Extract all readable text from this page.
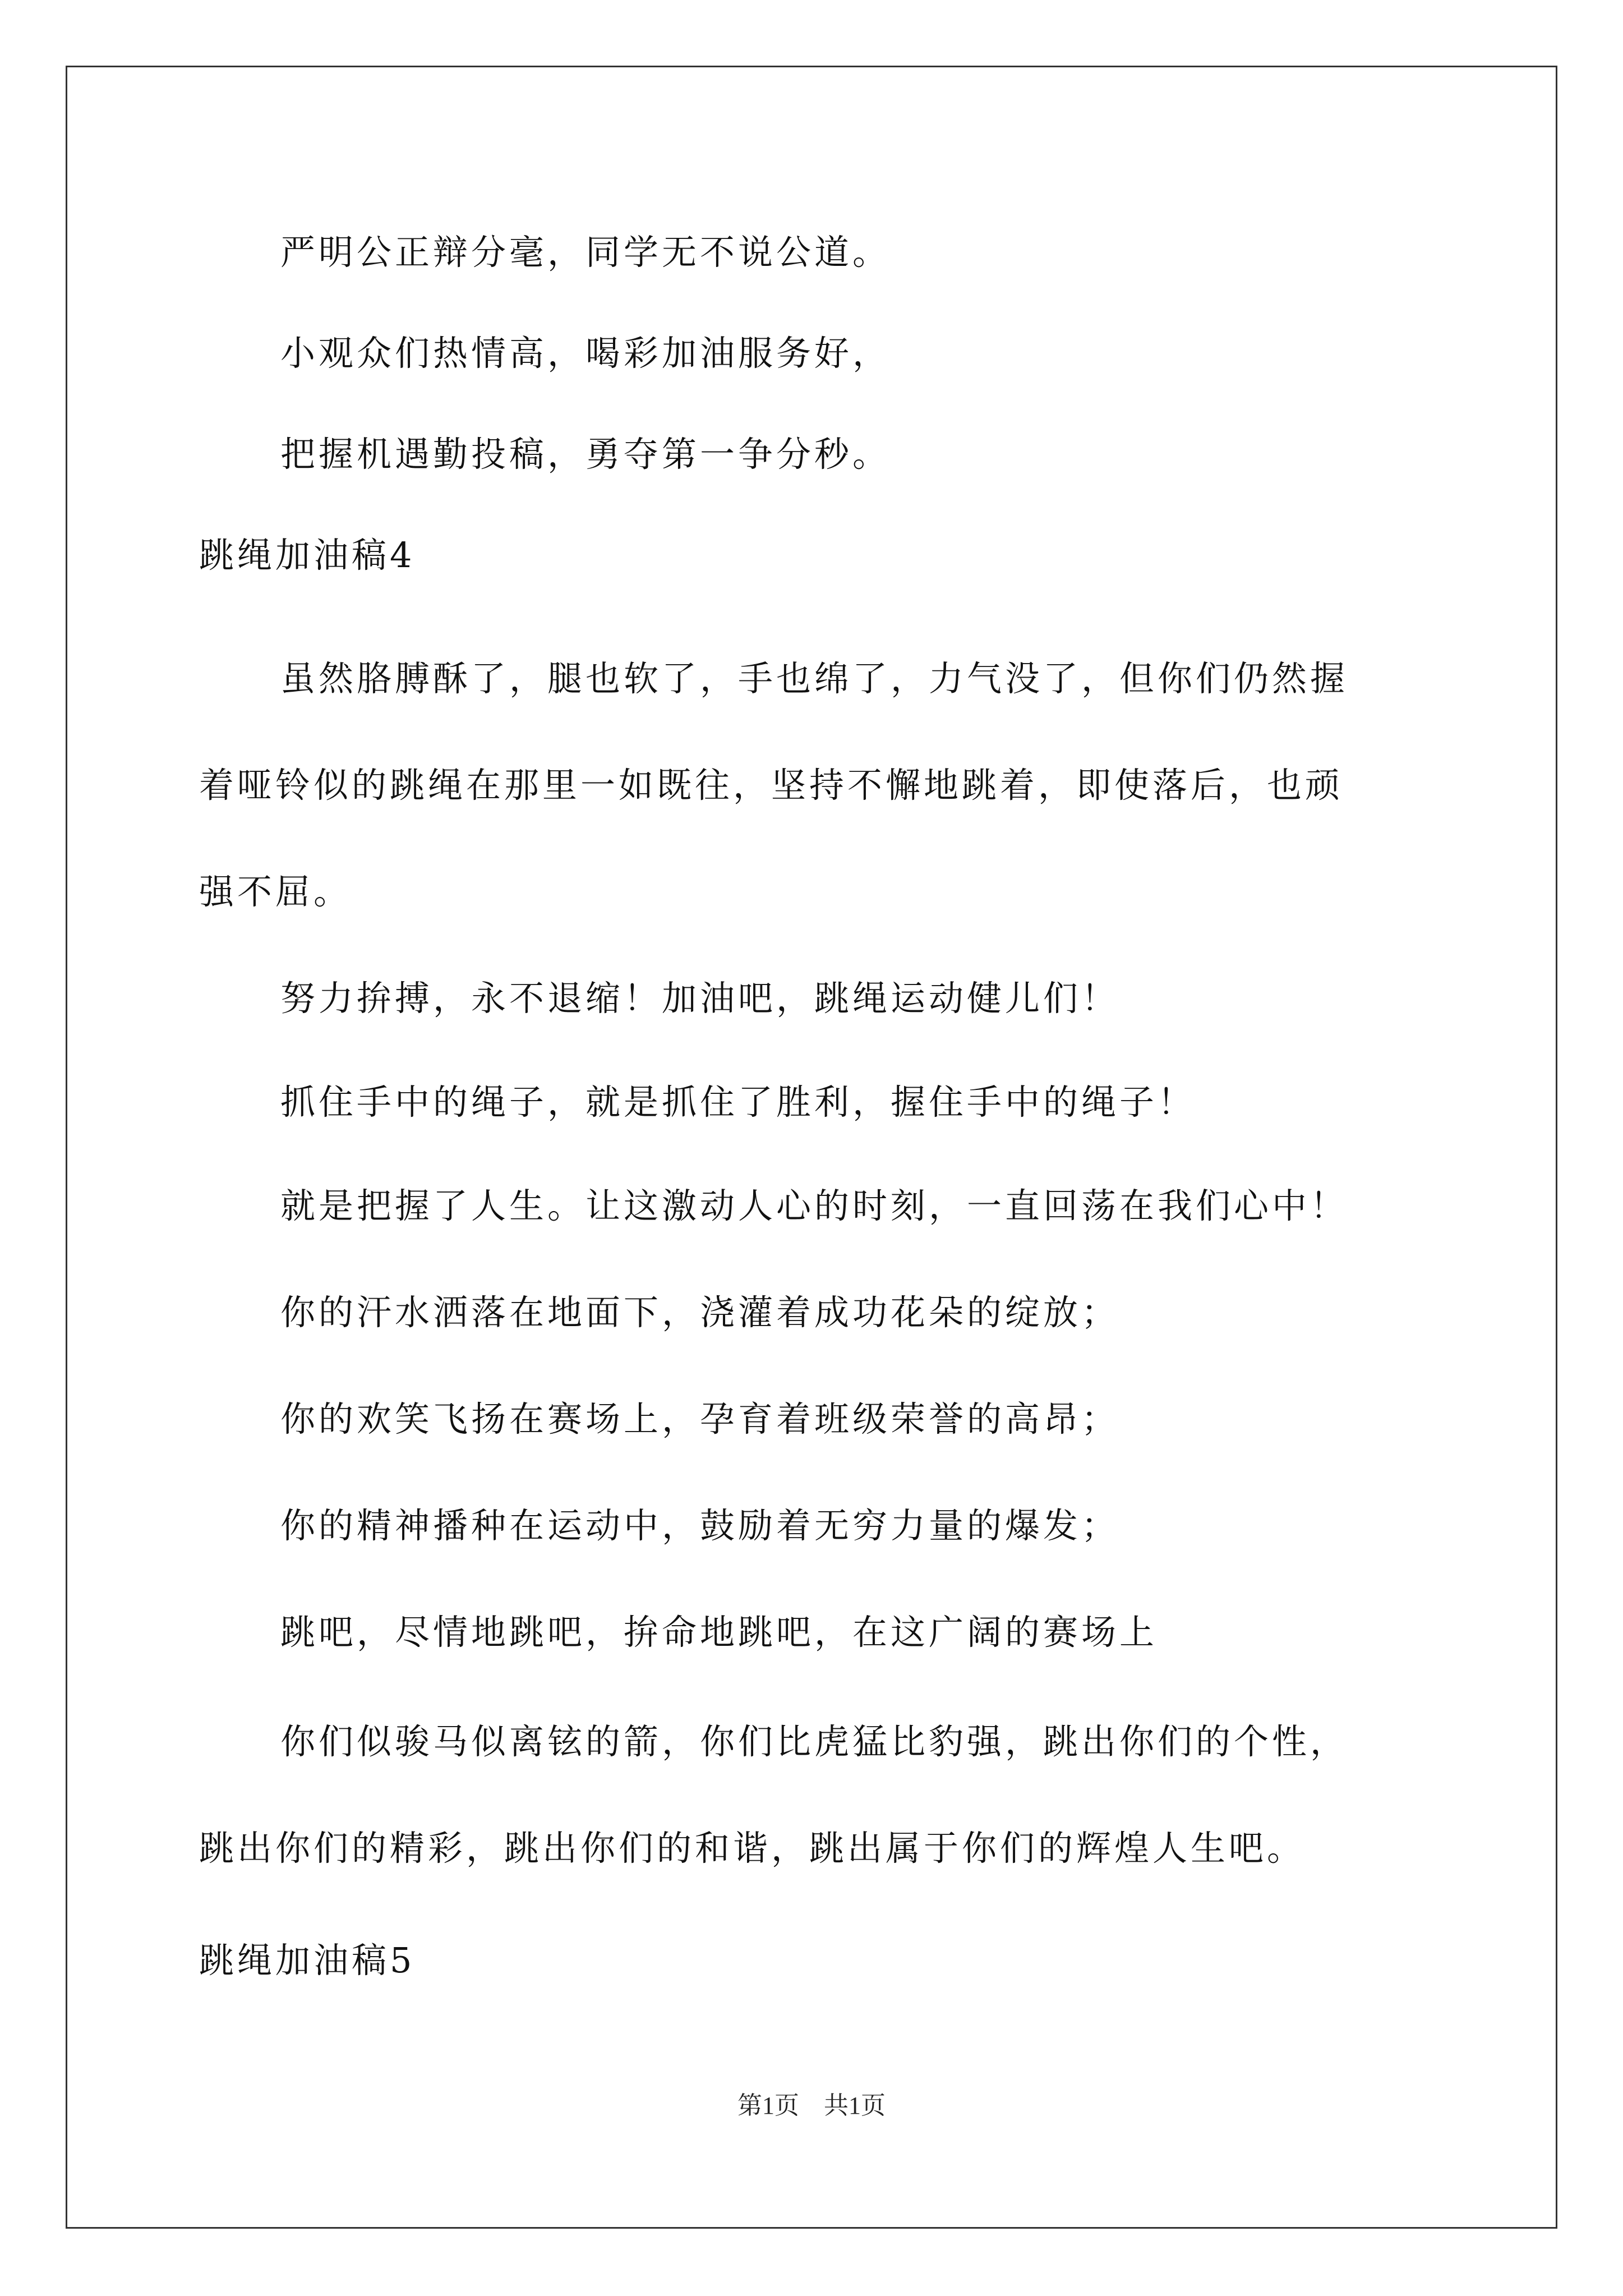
严明公正辩分毫，同学无不说公道。
小观众们热情高，喝彩加油服务好，
把握机遇勤投稿，勇夺第一争分秒。
跳绳加油稿4
虽然胳膊酥了，腿也软了，手也绵了，力气没了，但你们仍然握
着哑铃似的跳绳在那里一如既往，坚持不懈地跳着，即使落后，也顽
强不屈。
努力拚搏，永不退缩！加油吧，跳绳运动健儿们！
抓住手中的绳子，就是抓住了胜利，握住手中的绳子！
就是把握了人生。让这激动人心的时刻，一直回荡在我们心中！
你的汗水洒落在地面下，浇灌着成功花朵的绽放；
你的欢笑飞扬在赛场上，孕育着班级荣誉的高昂；
你的精神播种在运动中，鼓励着无穷力量的爆发；
跳吧，尽情地跳吧，拚命地跳吧，在这广阔的赛场上
你们似骏马似离铉的箭，你们比虎猛比豹强，跳出你们的个性，
跳出你们的精彩，跳出你们的和谐，跳出属于你们的辉煌人生吧。
跳绳加油稿5
第1页　共1页
